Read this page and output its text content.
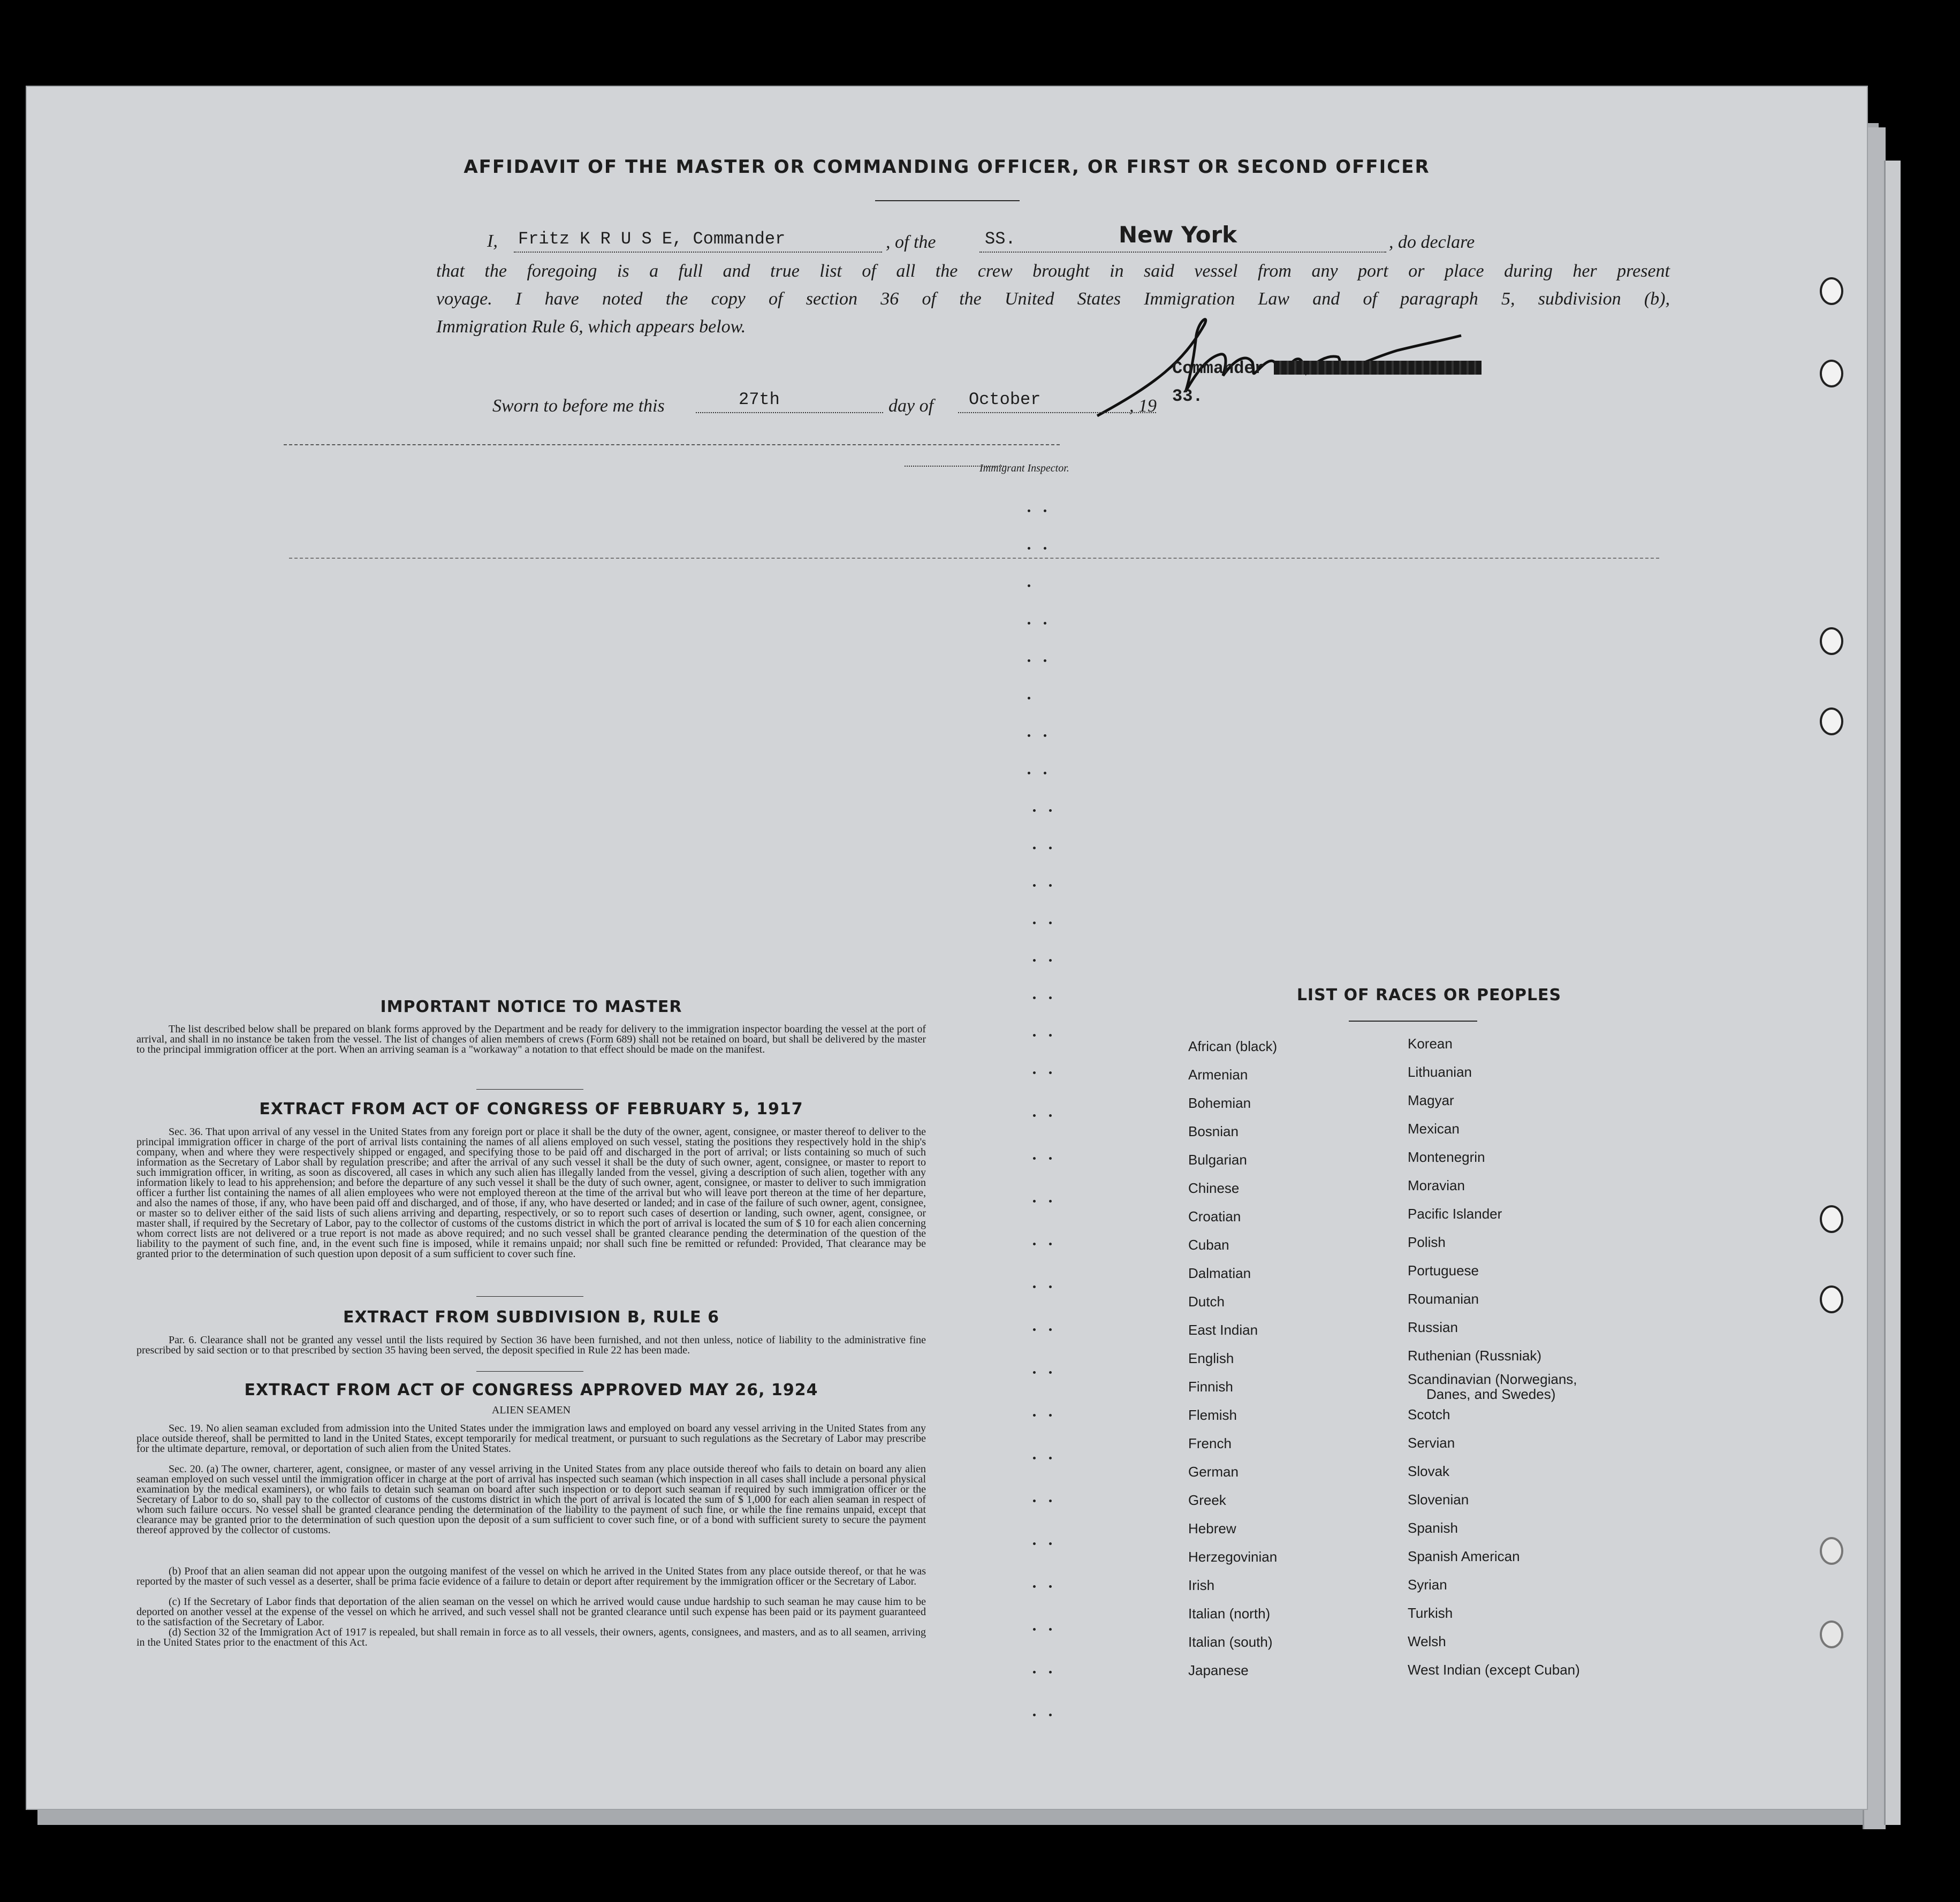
AFFIDAVIT OF THE MASTER OR COMMANDING OFFICER, OR FIRST OR SECOND OFFICER
I, Fritz K R U S E, Commander	, of the	SS.	New York	, do declare
that the foregoing is a full and true list of all the crew brought in said vessel from any port or place during her present
voyage. I have noted the copy of section 36 of the United States Immigration Law and of paragraph 5, subdivision (b),
Immigration Rule 6, which appears below.
Commander
Sworn to before me this	27th	day of October	, 19 33.
Immigrant Inspector.
IMPORTANT NOTICE TO MASTER
The list described below shall be prepared on blank forms approved by the Department and be ready for delivery to the immigration inspector boarding the vessel at the port of arrival, and shall in no instance be taken from the vessel. The list of changes of alien members of crews (Form 689) shall not be retained on board, but shall be delivered by the master to the principal immigration officer at the port. When an arriving seaman is a "workaway" a notation to that effect should be made on the manifest.
EXTRACT FROM ACT OF CONGRESS OF FEBRUARY 5, 1917
Sec. 36. That upon arrival of any vessel in the United States from any foreign port or place it shall be the duty of the owner, agent, consignee, or master thereof to deliver to the principal immigration officer in charge of the port of arrival lists containing the names of all aliens employed on such vessel, stating the positions they respectively hold in the ship's company, when and where they were respectively shipped or engaged, and specifying those to be paid off and discharged in the port of arrival; or lists containing so much of such information as the Secretary of Labor shall by regulation prescribe; and after the arrival of any such vessel it shall be the duty of such owner, agent, consignee, or master to report to such immigration officer, in writing, as soon as discovered, all cases in which any such alien has illegally landed from the vessel, giving a description of such alien, together with any information likely to lead to his apprehension; and before the departure of any such vessel it shall be the duty of such owner, agent, consignee, or master to deliver to such immigration officer a further list containing the names of all alien employees who were not employed thereon at the time of the arrival but who will leave port thereon at the time of her departure, and also the names of those, if any, who have been paid off and discharged, and of those, if any, who have deserted or landed; and in case of the failure of such owner, agent, consignee, or master so to deliver either of the said lists of such aliens arriving and departing, respectively, or so to report such cases of desertion or landing, such owner, agent, consignee, or master shall, if required by the Secretary of Labor, pay to the collector of customs of the customs district in which the port of arrival is located the sum of $ 10 for each alien concerning whom correct lists are not delivered or a true report is not made as above required; and no such vessel shall be granted clearance pending the determination of the question of the liability to the payment of such fine, and, in the event such fine is imposed, while it remains unpaid; nor shall such fine be remitted or refunded: Provided, That clearance may be granted prior to the determination of such question upon deposit of a sum sufficient to cover such fine.
EXTRACT FROM SUBDIVISION B, RULE 6
Par. 6. Clearance shall not be granted any vessel until the lists required by Section 36 have been furnished, and not then unless, notice of liability to the administrative fine prescribed by said section or to that prescribed by section 35 having been served, the deposit specified in Rule 22 has been made.
EXTRACT FROM ACT OF CONGRESS APPROVED MAY 26, 1924
ALIEN SEAMEN
Sec. 19. No alien seaman excluded from admission into the United States under the immigration laws and employed on board any vessel arriving in the United States from any place outside thereof, shall be permitted to land in the United States, except temporarily for medical treatment, or pursuant to such regulations as the Secretary of Labor may prescribe for the ultimate departure, removal, or deportation of such alien from the United States.
Sec. 20. (a) The owner, charterer, agent, consignee, or master of any vessel arriving in the United States from any place outside thereof who fails to detain on board any alien seaman employed on such vessel until the immigration officer in charge at the port of arrival has inspected such seaman (which inspection in all cases shall include a personal physical examination by the medical examiners), or who fails to detain such seaman on board after such inspection or to deport such seaman if required by such immigration officer or the Secretary of Labor to do so, shall pay to the collector of customs of the customs district in which the port of arrival is located the sum of $ 1,000 for each alien seaman in respect of whom such failure occurs. No vessel shall be granted clearance pending the determination of the liability to the payment of such fine, or while the fine remains unpaid, except that clearance may be granted prior to the determination of such question upon the deposit of a sum sufficient to cover such fine, or of a bond with sufficient surety to secure the payment thereof approved by the collector of customs.
(b) Proof that an alien seaman did not appear upon the outgoing manifest of the vessel on which he arrived in the United States from any place outside thereof, or that he was reported by the master of such vessel as a deserter, shall be prima facie evidence of a failure to detain or deport after requirement by the immigration officer or the Secretary of Labor.
(c) If the Secretary of Labor finds that deportation of the alien seaman on the vessel on which he arrived would cause undue hardship to such seaman he may cause him to be deported on another vessel at the expense of the vessel on which he arrived, and such vessel shall not be granted clearance until such expense has been paid or its payment guaranteed to the satisfaction of the Secretary of Labor.
(d) Section 32 of the Immigration Act of 1917 is repealed, but shall remain in force as to all vessels, their owners, agents, consignees, and masters, and as to all seamen, arriving in the United States prior to the enactment of this Act.
LIST OF RACES OR PEOPLES
African (black)
Armenian
Bohemian
Bosnian
Bulgarian
Chinese
Croatian
Cuban
Dalmatian
Dutch
East Indian
English
Finnish
Flemish
French
German
Greek
Hebrew
Herzegovinian
Irish
Italian (north)
Italian (south)
Japanese
Korean
Lithuanian
Magyar
Mexican
Montenegrin
Moravian
Pacific Islander
Polish
Portuguese
Roumanian
Russian
Ruthenian (Russniak)
Scandinavian (Norwegians,
Danes, and Swedes)
Scotch
Servian
Slovak
Slovenian
Spanish
Spanish American
Syrian
Turkish
Welsh
West Indian (except Cuban)
